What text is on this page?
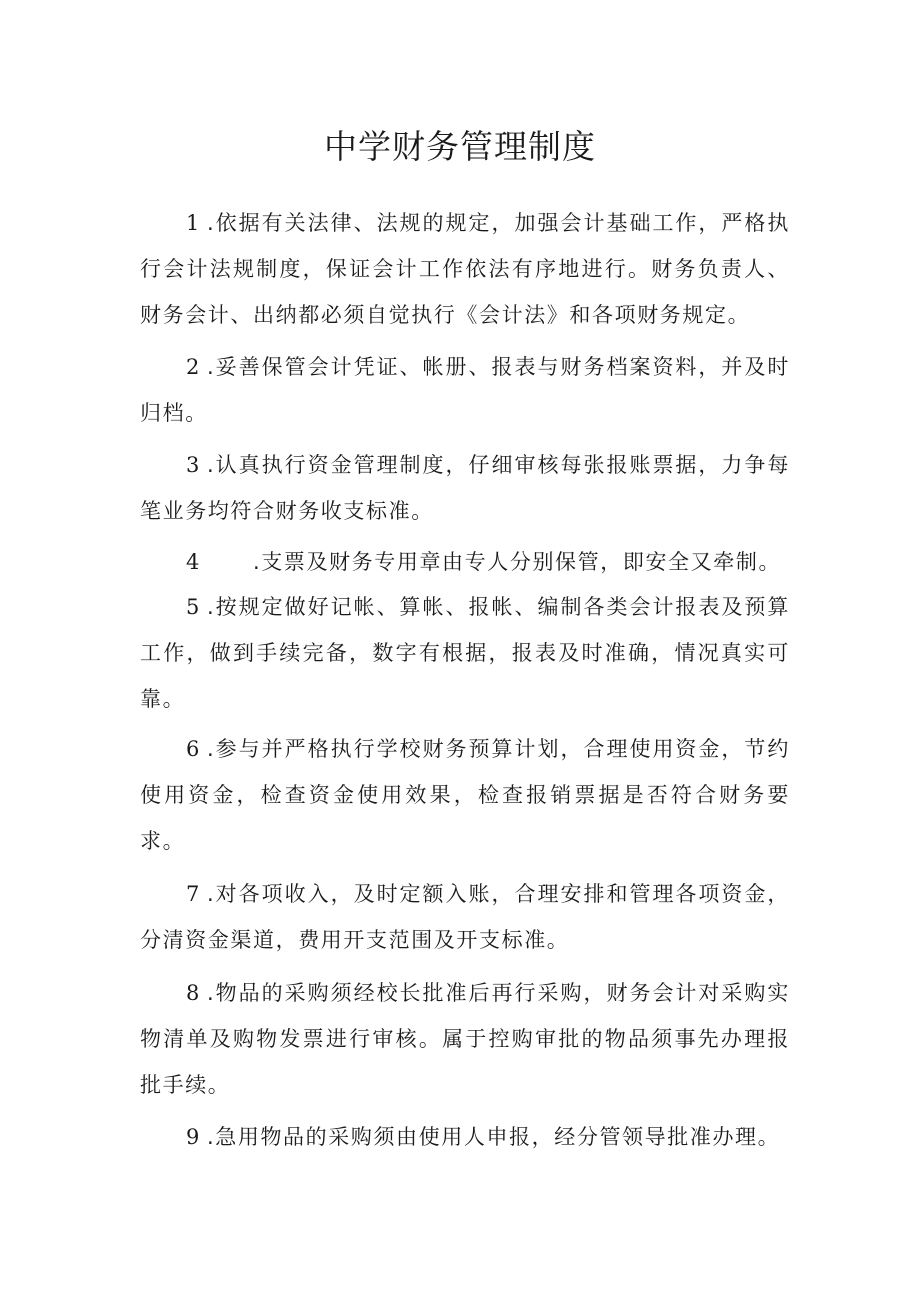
中学财务管理制度
1 .依据有关法律、法规的规定，加强会计基础工作，严格执行会计法规制度，保证会计工作依法有序地进行。财务负责人、财务会计、出纳都必须自觉执行《会计法》和各项财务规定。
2 .妥善保管会计凭证、帐册、报表与财务档案资料，并及时归档。
3 .认真执行资金管理制度，仔细审核每张报账票据，力争每笔业务均符合财务收支标准。
4 .支票及财务专用章由专人分别保管，即安全又牵制。
5 .按规定做好记帐、算帐、报帐、编制各类会计报表及预算工作，做到手续完备，数字有根据，报表及时准确，情况真实可靠。
6 .参与并严格执行学校财务预算计划，合理使用资金，节约使用资金，检查资金使用效果，检查报销票据是否符合财务要求。
7 .对各项收入，及时定额入账，合理安排和管理各项资金，分清资金渠道，费用开支范围及开支标准。
8 .物品的采购须经校长批准后再行采购，财务会计对采购实物清单及购物发票进行审核。属于控购审批的物品须事先办理报批手续。
9 .急用物品的采购须由使用人申报，经分管领导批准办理。
